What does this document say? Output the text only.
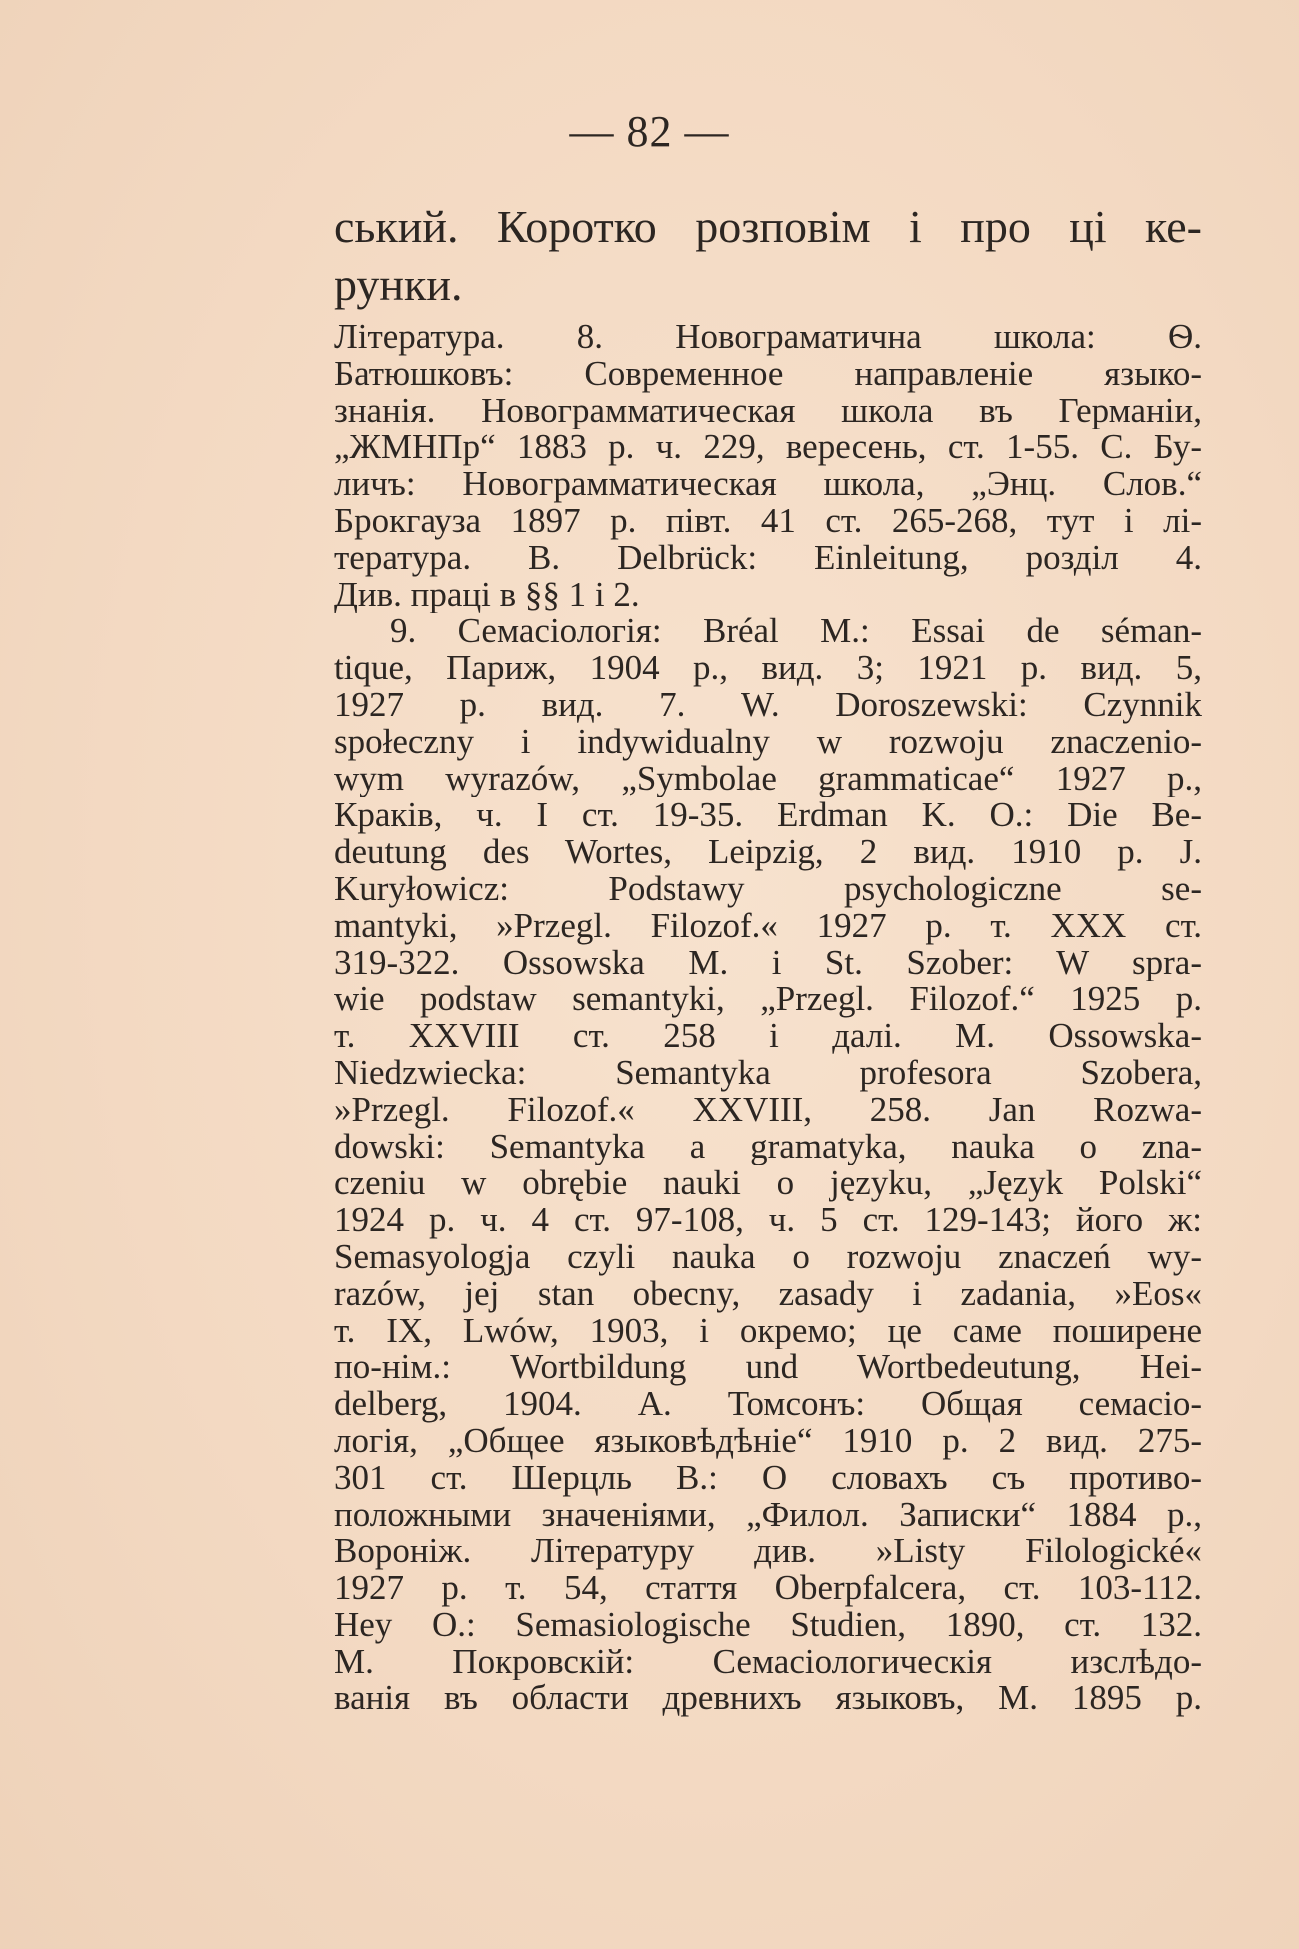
— 82 —
ський. Коротко розповім і про ці ке-
рунки.
Література. 8. Новограматична школа: Ѳ.
Батюшковъ: Современное направленіе языко-
знанія. Новограмматическая школа въ Германіи,
„ЖМНПр“ 1883 р. ч. 229, вересень, ст. 1-55. С. Бу-
личъ: Новограмматическая школа, „Энц. Слов.“
Брокгауза 1897 р. півт. 41 ст. 265-268, тут і лі-
тература. B. Delbrück: Einleitung, розділ 4.
Див. праці в §§ 1 і 2.
9. Семасіологія: Bréal M.: Essai de séman-
tique, Париж, 1904 р., вид. 3; 1921 р. вид. 5,
1927 р. вид. 7. W. Doroszewski: Czynnik
społeczny i indywidualny w rozwoju znaczenio-
wym wyrazów, „Symbolae grammaticae“ 1927 р.,
Краків, ч. I ст. 19-35. Erdman K. O.: Die Be-
deutung des Wortes, Leipzig, 2 вид. 1910 р. J.
Kuryłowicz: Podstawy psychologiczne se-
mantyki, »Przegl. Filozof.« 1927 р. т. XXX ст.
319-322. Ossowska M. i St. Szober: W spra-
wie podstaw semantyki, „Przegl. Filozof.“ 1925 р.
т. XXVIII ст. 258 і далі. M. Ossowska-
Niedzwiecka: Semantyka profesora Szobera,
»Przegl. Filozof.« XXVIII, 258. Jan Rozwa-
dowski: Semantyka a gramatyka, nauka o zna-
czeniu w obrębie nauki o języku, „Język Polski“
1924 р. ч. 4 ст. 97-108, ч. 5 ст. 129-143; його ж:
Semasyologja czyli nauka o rozwoju znaczeń wy-
razów, jej stan obecny, zasady i zadania, »Eos«
т. IX, Lwów, 1903, і окремо; це саме поширене
по-нім.: Wortbildung und Wortbedeutung, Hei-
delberg, 1904. А. Томсонъ: Общая семасіо-
логія, „Общее языковѣдѣніе“ 1910 р. 2 вид. 275-
301 ст. Шерцль В.: О словахъ съ противо-
положными значеніями, „Филол. Записки“ 1884 р.,
Вороніж. Літературу див. »Listy Filologické«
1927 р. т. 54, стаття Oberpfalcera, ст. 103-112.
Hey O.: Semasiologische Studien, 1890, ст. 132.
М. Покровскій: Семасіологическія изслѣдо-
ванія въ области древнихъ языковъ, М. 1895 р.
